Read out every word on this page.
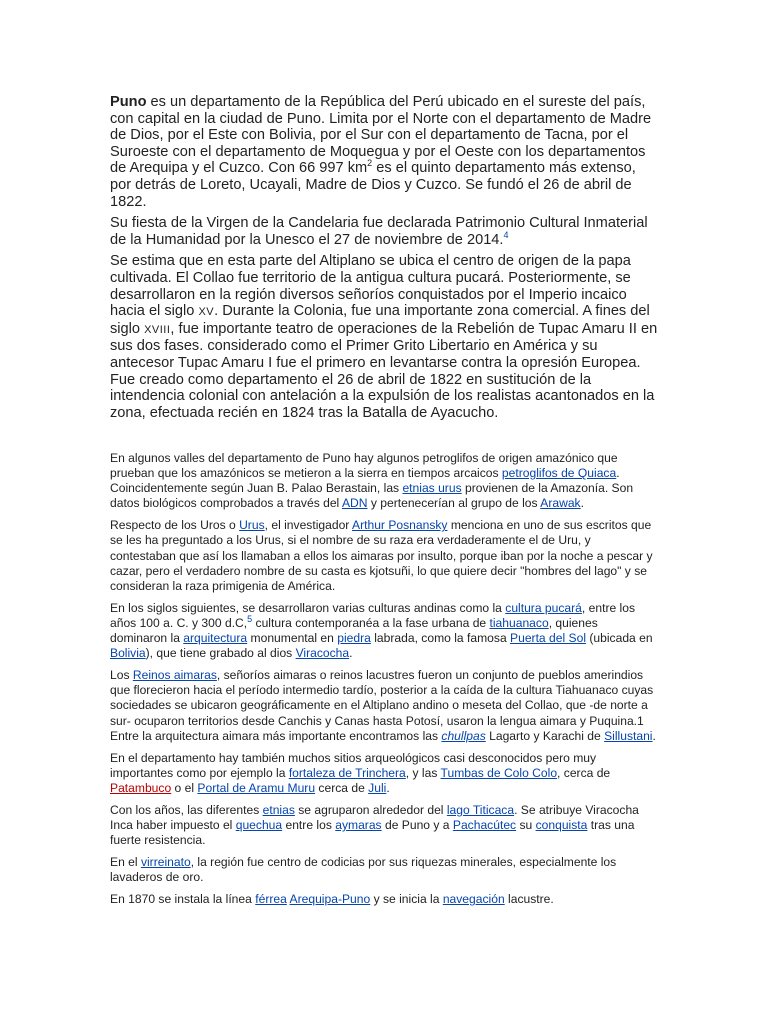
Puno es un departamento de la República del Perú ubicado en el sureste del país, con capital en la ciudad de Puno. Limita por el Norte con el departamento de Madre de Dios, por el Este con Bolivia, por el Sur con el departamento de Tacna, por el Suroeste con el departamento de Moquegua y por el Oeste con los departamentos de Arequipa y el Cuzco. Con 66 997 $km^2$ es el quinto departamento más extenso, por detrás de Loreto, Ucayali, Madre de Dios y Cuzco. Se fundó el 26 de abril de 1822.

Su fiesta de la Virgen de la Candelaria fue declarada Patrimonio Cultural Inmaterial de la Humanidad por la Unesco el 27 de noviembre de 2014.$^4$

Se estima que en esta parte del Altiplano se ubica el centro de origen de la papa cultivada. El Collao fue territorio de la antigua cultura pucará. Posteriormente, se desarrollaron en la región diversos señoríos conquistados por el Imperio incaico hacia el siglo XV. Durante la Colonia, fue una importante zona comercial. A fines del siglo XVIII, fue importante teatro de operaciones de la Rebelión de Tupac Amaru II en sus dos fases. considerado como el Primer Grito Libertario en América y su antecesor Tupac Amaru I fue el primero en levantarse contra la opresión Europea. Fue creado como departamento el 26 de abril de 1822 en sustitución de la intendencia colonial con antelación a la expulsión de los realistas acantonados en la zona, efectuada recién en 1824 tras la Batalla de Ayacucho.

En algunos valles del departamento de Puno hay algunos petroglifos de origen amazónico que prueban que los amazónicos se metieron a la sierra en tiempos arcaicos petroglifos de Quiaca. Coincidentemente según Juan B. Palao Berastain, las etnias urus provienen de la Amazonía. Son datos biológicos comprobados a través del ADN y pertenecerían al grupo de los Arawak.

Respecto de los Uros o Urus, el investigador Arthur Posnansky menciona en uno de sus escritos que se les ha preguntado a los Urus, si el nombre de su raza era verdaderamente el de Uru, y contestaban que así los llamaban a ellos los aimaras por insulto, porque iban por la noche a pescar y cazar, pero el verdadero nombre de su casta es kjotsuñi, lo que quiere decir "hombres del lago" y se consideran la raza primigenia de América.

En los siglos siguientes, se desarrollaron varias culturas andinas como la cultura pucará, entre los años 100 a. C. y 300 d.C,$^5$ cultura contemporanéa a la fase urbana de tiahuanaco, quienes dominaron la arquitectura monumental en piedra labrada, como la famosa Puerta del Sol (ubicada en Bolivia), que tiene grabado al dios Viracocha.

Los Reinos aimaras, señoríos aimaras o reinos lacustres fueron un conjunto de pueblos amerindios que florecieron hacia el período intermedio tardío, posterior a la caída de la cultura Tiahuanaco cuyas sociedades se ubicaron geográficamente en el Altiplano andino o meseta del Collao, que -de norte a sur- ocuparon territorios desde Canchis y Canas hasta Potosí, usaron la lengua aimara y Puquina.1 Entre la arquitectura aimara más importante encontramos las chullpas Lagarto y Karachi de Sillustani.

En el departamento hay también muchos sitios arqueológicos casi desconocidos pero muy importantes como por ejemplo la fortaleza de Trinchera, y las Tumbas de Colo Colo, cerca de Patambuco o el Portal de Aramu Muru cerca de Juli.

Con los años, las diferentes etnias se agruparon alrededor del lago Titicaca. Se atribuye Viracocha Inca haber impuesto el quechua entre los aymaras de Puno y a Pachacútec su conquista tras una fuerte resistencia.

En el virreinato, la región fue centro de codicias por sus riquezas minerales, especialmente los lavaderos de oro.

En 1870 se instala la línea férrea Arequipa-Puno y se inicia la navegación lacustre.
